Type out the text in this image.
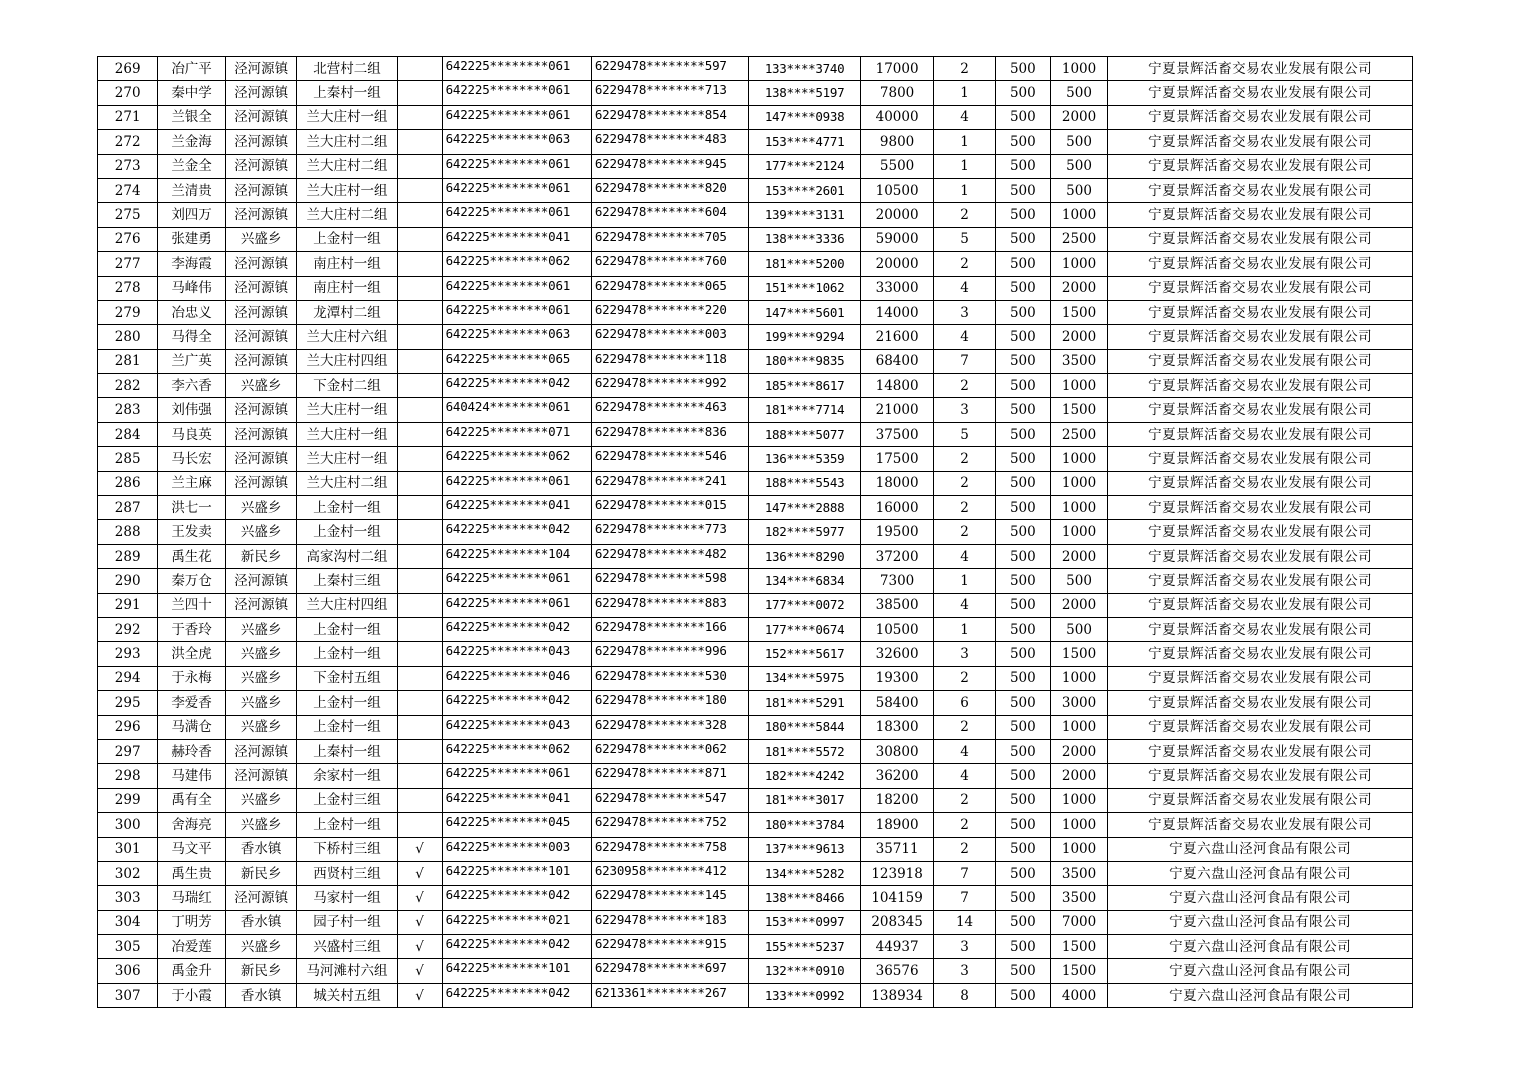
269	冶广平	泾河源镇	北营村二组		642225********061	6229478********597	133****3740	17000	2	500	1000	宁夏景辉活畜交易农业发展有限公司
270	秦中学	泾河源镇	上秦村一组		642225********061	6229478********713	138****5197	7800	1	500	500	宁夏景辉活畜交易农业发展有限公司
271	兰银全	泾河源镇	兰大庄村一组		642225********061	6229478********854	147****0938	40000	4	500	2000	宁夏景辉活畜交易农业发展有限公司
272	兰金海	泾河源镇	兰大庄村二组		642225********063	6229478********483	153****4771	9800	1	500	500	宁夏景辉活畜交易农业发展有限公司
273	兰金全	泾河源镇	兰大庄村二组		642225********061	6229478********945	177****2124	5500	1	500	500	宁夏景辉活畜交易农业发展有限公司
274	兰清贵	泾河源镇	兰大庄村一组		642225********061	6229478********820	153****2601	10500	1	500	500	宁夏景辉活畜交易农业发展有限公司
275	刘四万	泾河源镇	兰大庄村二组		642225********061	6229478********604	139****3131	20000	2	500	1000	宁夏景辉活畜交易农业发展有限公司
276	张建勇	兴盛乡	上金村一组		642225********041	6229478********705	138****3336	59000	5	500	2500	宁夏景辉活畜交易农业发展有限公司
277	李海霞	泾河源镇	南庄村一组		642225********062	6229478********760	181****5200	20000	2	500	1000	宁夏景辉活畜交易农业发展有限公司
278	马峰伟	泾河源镇	南庄村一组		642225********061	6229478********065	151****1062	33000	4	500	2000	宁夏景辉活畜交易农业发展有限公司
279	冶忠义	泾河源镇	龙潭村二组		642225********061	6229478********220	147****5601	14000	3	500	1500	宁夏景辉活畜交易农业发展有限公司
280	马得全	泾河源镇	兰大庄村六组		642225********063	6229478********003	199****9294	21600	4	500	2000	宁夏景辉活畜交易农业发展有限公司
281	兰广英	泾河源镇	兰大庄村四组		642225********065	6229478********118	180****9835	68400	7	500	3500	宁夏景辉活畜交易农业发展有限公司
282	李六香	兴盛乡	下金村二组		642225********042	6229478********992	185****8617	14800	2	500	1000	宁夏景辉活畜交易农业发展有限公司
283	刘伟强	泾河源镇	兰大庄村一组		640424********061	6229478********463	181****7714	21000	3	500	1500	宁夏景辉活畜交易农业发展有限公司
284	马良英	泾河源镇	兰大庄村一组		642225********071	6229478********836	188****5077	37500	5	500	2500	宁夏景辉活畜交易农业发展有限公司
285	马长宏	泾河源镇	兰大庄村一组		642225********062	6229478********546	136****5359	17500	2	500	1000	宁夏景辉活畜交易农业发展有限公司
286	兰主麻	泾河源镇	兰大庄村二组		642225********061	6229478********241	188****5543	18000	2	500	1000	宁夏景辉活畜交易农业发展有限公司
287	洪七一	兴盛乡	上金村一组		642225********041	6229478********015	147****2888	16000	2	500	1000	宁夏景辉活畜交易农业发展有限公司
288	王发卖	兴盛乡	上金村一组		642225********042	6229478********773	182****5977	19500	2	500	1000	宁夏景辉活畜交易农业发展有限公司
289	禹生花	新民乡	高家沟村二组		642225********104	6229478********482	136****8290	37200	4	500	2000	宁夏景辉活畜交易农业发展有限公司
290	秦万仓	泾河源镇	上秦村三组		642225********061	6229478********598	134****6834	7300	1	500	500	宁夏景辉活畜交易农业发展有限公司
291	兰四十	泾河源镇	兰大庄村四组		642225********061	6229478********883	177****0072	38500	4	500	2000	宁夏景辉活畜交易农业发展有限公司
292	于香玲	兴盛乡	上金村一组		642225********042	6229478********166	177****0674	10500	1	500	500	宁夏景辉活畜交易农业发展有限公司
293	洪全虎	兴盛乡	上金村一组		642225********043	6229478********996	152****5617	32600	3	500	1500	宁夏景辉活畜交易农业发展有限公司
294	于永梅	兴盛乡	下金村五组		642225********046	6229478********530	134****5975	19300	2	500	1000	宁夏景辉活畜交易农业发展有限公司
295	李爱香	兴盛乡	上金村一组		642225********042	6229478********180	181****5291	58400	6	500	3000	宁夏景辉活畜交易农业发展有限公司
296	马满仓	兴盛乡	上金村一组		642225********043	6229478********328	180****5844	18300	2	500	1000	宁夏景辉活畜交易农业发展有限公司
297	赫玲香	泾河源镇	上秦村一组		642225********062	6229478********062	181****5572	30800	4	500	2000	宁夏景辉活畜交易农业发展有限公司
298	马建伟	泾河源镇	余家村一组		642225********061	6229478********871	182****4242	36200	4	500	2000	宁夏景辉活畜交易农业发展有限公司
299	禹有全	兴盛乡	上金村三组		642225********041	6229478********547	181****3017	18200	2	500	1000	宁夏景辉活畜交易农业发展有限公司
300	舍海亮	兴盛乡	上金村一组		642225********045	6229478********752	180****3784	18900	2	500	1000	宁夏景辉活畜交易农业发展有限公司
301	马文平	香水镇	下桥村三组	√	642225********003	6229478********758	137****9613	35711	2	500	1000	宁夏六盘山泾河食品有限公司
302	禹生贵	新民乡	西贤村三组	√	642225********101	6230958********412	134****5282	123918	7	500	3500	宁夏六盘山泾河食品有限公司
303	马瑞红	泾河源镇	马家村一组	√	642225********042	6229478********145	138****8466	104159	7	500	3500	宁夏六盘山泾河食品有限公司
304	丁明芳	香水镇	园子村一组	√	642225********021	6229478********183	153****0997	208345	14	500	7000	宁夏六盘山泾河食品有限公司
305	冶爱莲	兴盛乡	兴盛村三组	√	642225********042	6229478********915	155****5237	44937	3	500	1500	宁夏六盘山泾河食品有限公司
306	禹金升	新民乡	马河滩村六组	√	642225********101	6229478********697	132****0910	36576	3	500	1500	宁夏六盘山泾河食品有限公司
307	于小霞	香水镇	城关村五组	√	642225********042	6213361********267	133****0992	138934	8	500	4000	宁夏六盘山泾河食品有限公司
